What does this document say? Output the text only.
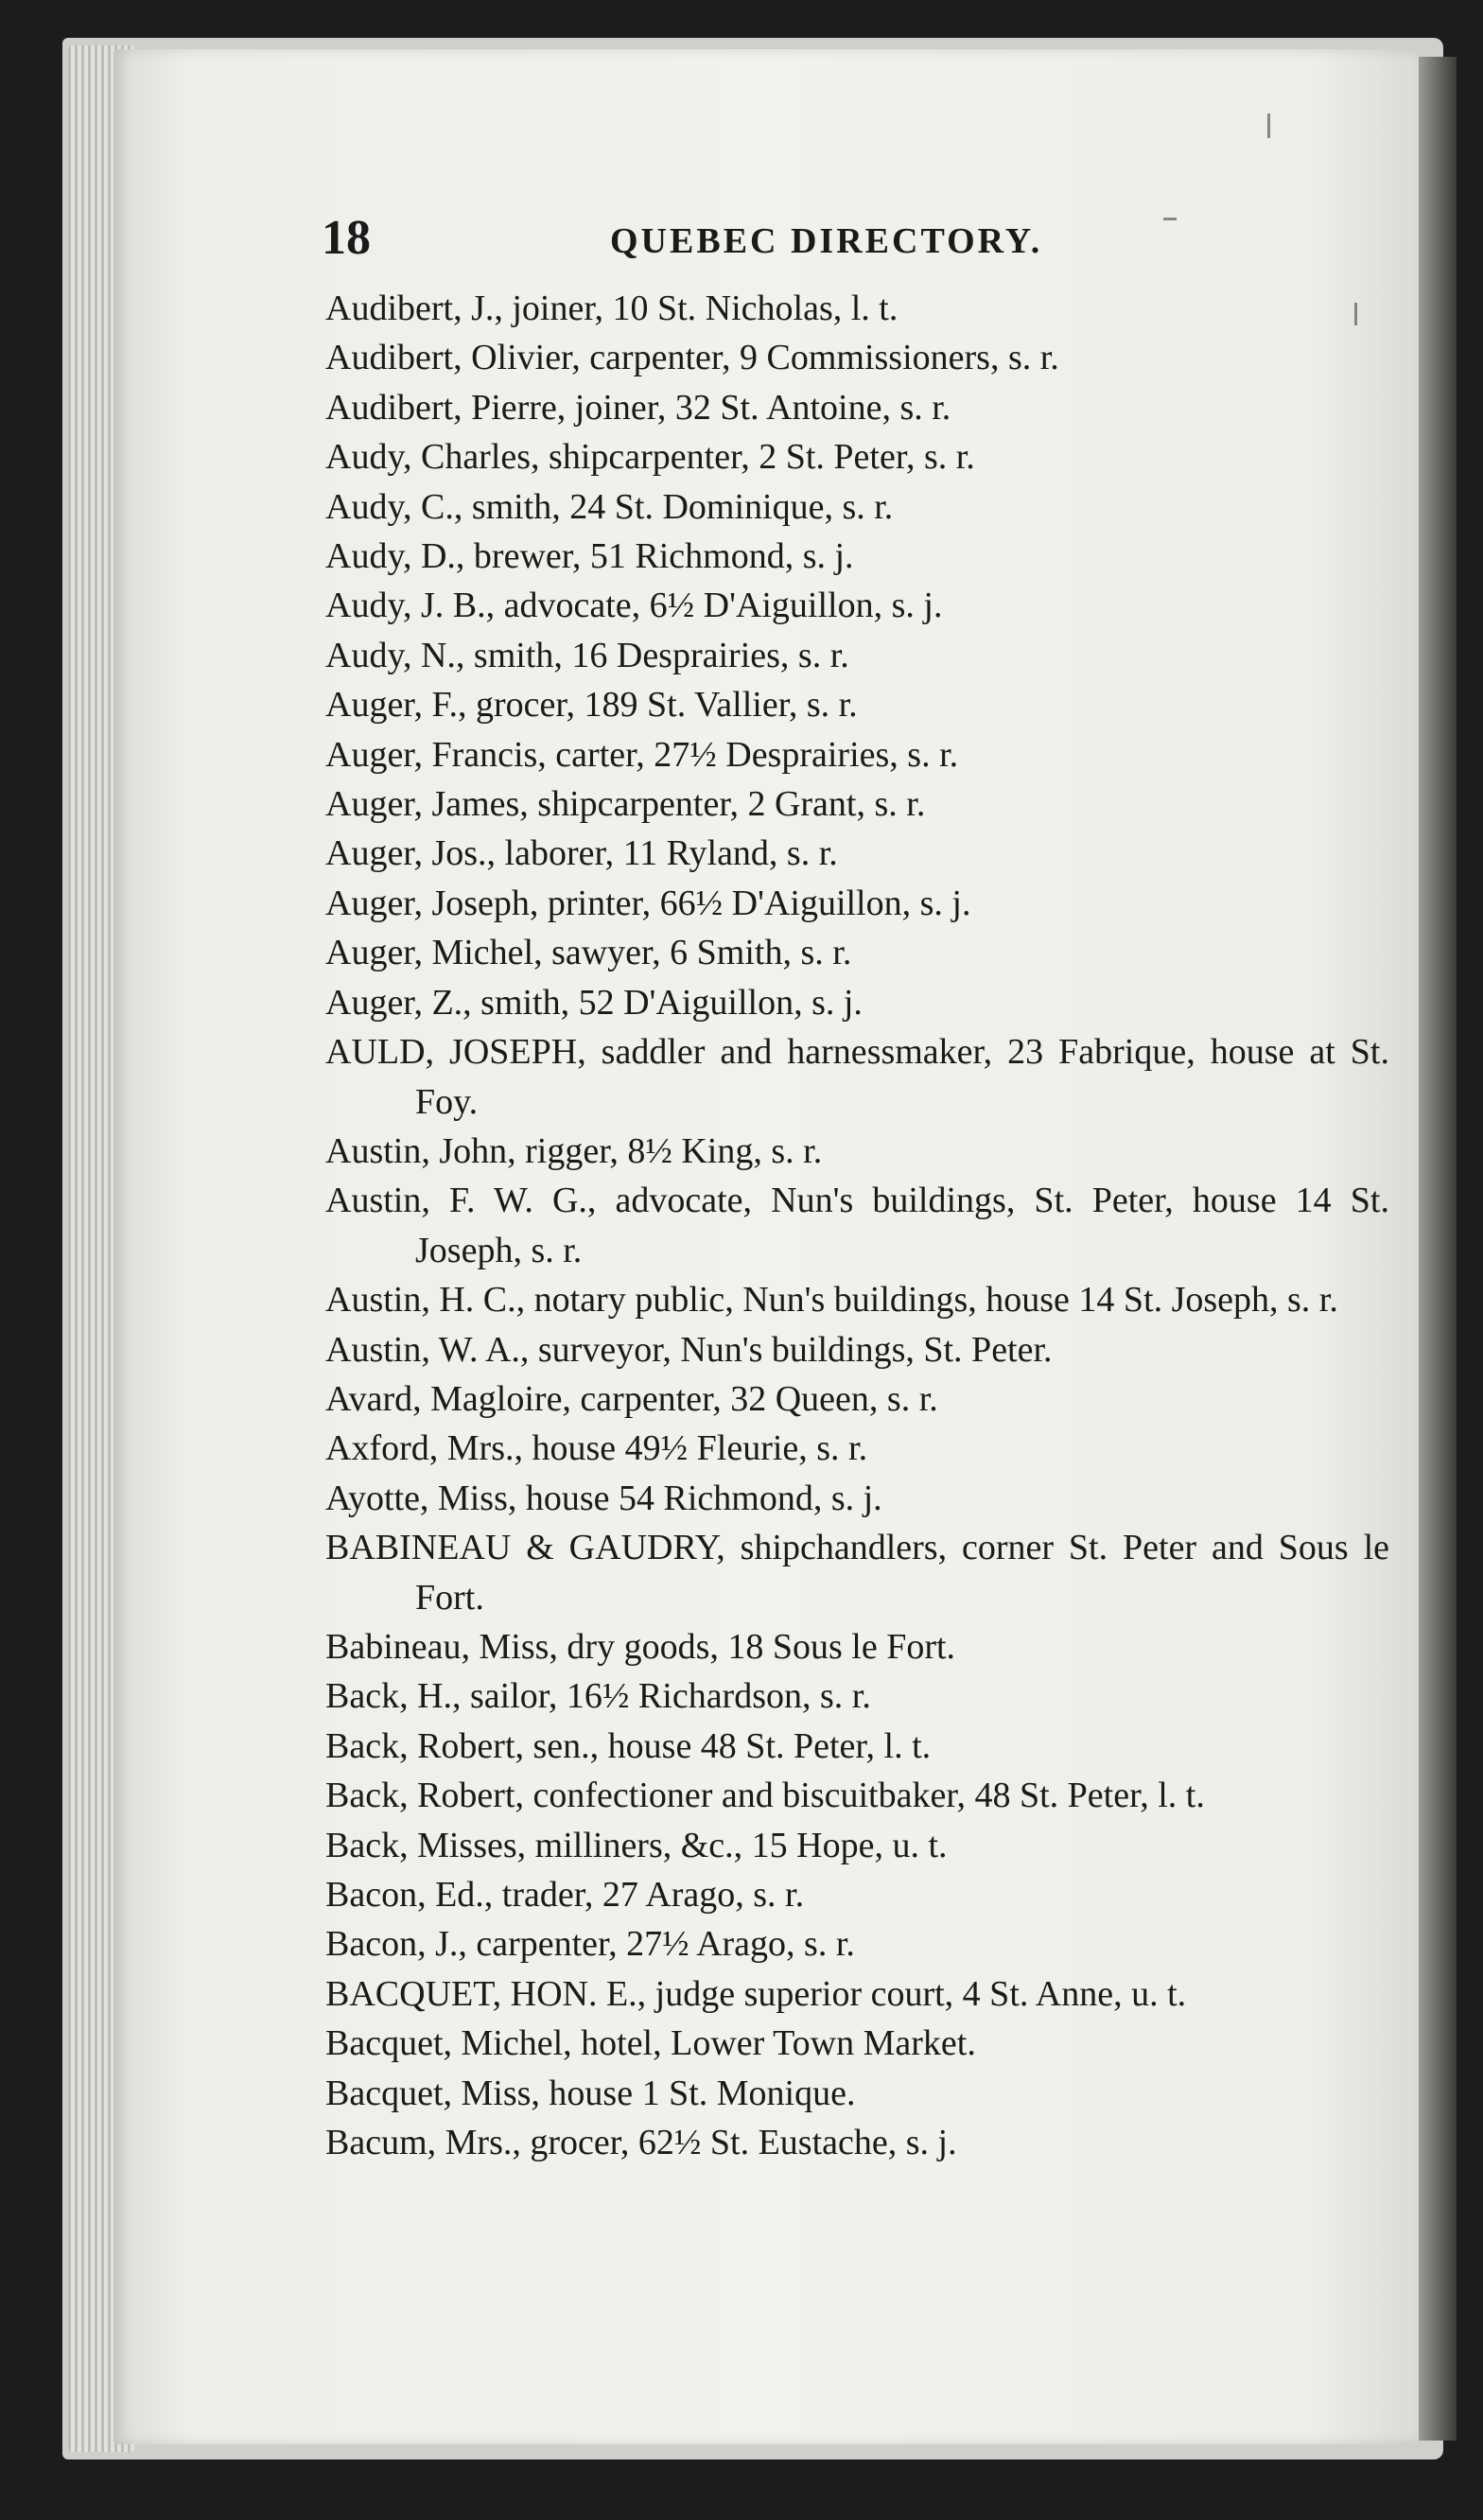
18	QUEBEC DIRECTORY.
Audibert, J., joiner, 10 St. Nicholas, l. t.
Audibert, Olivier, carpenter, 9 Commissioners, s. r.
Audibert, Pierre, joiner, 32 St. Antoine, s. r.
Audy, Charles, shipcarpenter, 2 St. Peter, s. r.
Audy, C., smith, 24 St. Dominique, s. r.
Audy, D., brewer, 51 Richmond, s. j.
Audy, J. B., advocate, 6½ D'Aiguillon, s. j.
Audy, N., smith, 16 Desprairies, s. r.
Auger, F., grocer, 189 St. Vallier, s. r.
Auger, Francis, carter, 27½ Desprairies, s. r.
Auger, James, shipcarpenter, 2 Grant, s. r.
Auger, Jos., laborer, 11 Ryland, s. r.
Auger, Joseph, printer, 66½ D'Aiguillon, s. j.
Auger, Michel, sawyer, 6 Smith, s. r.
Auger, Z., smith, 52 D'Aiguillon, s. j.
AULD, JOSEPH, saddler and harnessmaker, 23 Fabrique, house at St. Foy.
Austin, John, rigger, 8½ King, s. r.
Austin, F. W. G., advocate, Nun's buildings, St. Peter, house 14 St. Joseph, s. r.
Austin, H. C., notary public, Nun's buildings, house 14 St. Joseph, s. r.
Austin, W. A., surveyor, Nun's buildings, St. Peter.
Avard, Magloire, carpenter, 32 Queen, s. r.
Axford, Mrs., house 49½ Fleurie, s. r.
Ayotte, Miss, house 54 Richmond, s. j.
BABINEAU & GAUDRY, shipchandlers, corner St. Peter and Sous le Fort.
Babineau, Miss, dry goods, 18 Sous le Fort.
Back, H., sailor, 16½ Richardson, s. r.
Back, Robert, sen., house 48 St. Peter, l. t.
Back, Robert, confectioner and biscuitbaker, 48 St. Peter, l. t.
Back, Misses, milliners, &c., 15 Hope, u. t.
Bacon, Ed., trader, 27 Arago, s. r.
Bacon, J., carpenter, 27½ Arago, s. r.
BACQUET, HON. E., judge superior court, 4 St. Anne, u. t.
Bacquet, Michel, hotel, Lower Town Market.
Bacquet, Miss, house 1 St. Monique.
Bacum, Mrs., grocer, 62½ St. Eustache, s. j.
